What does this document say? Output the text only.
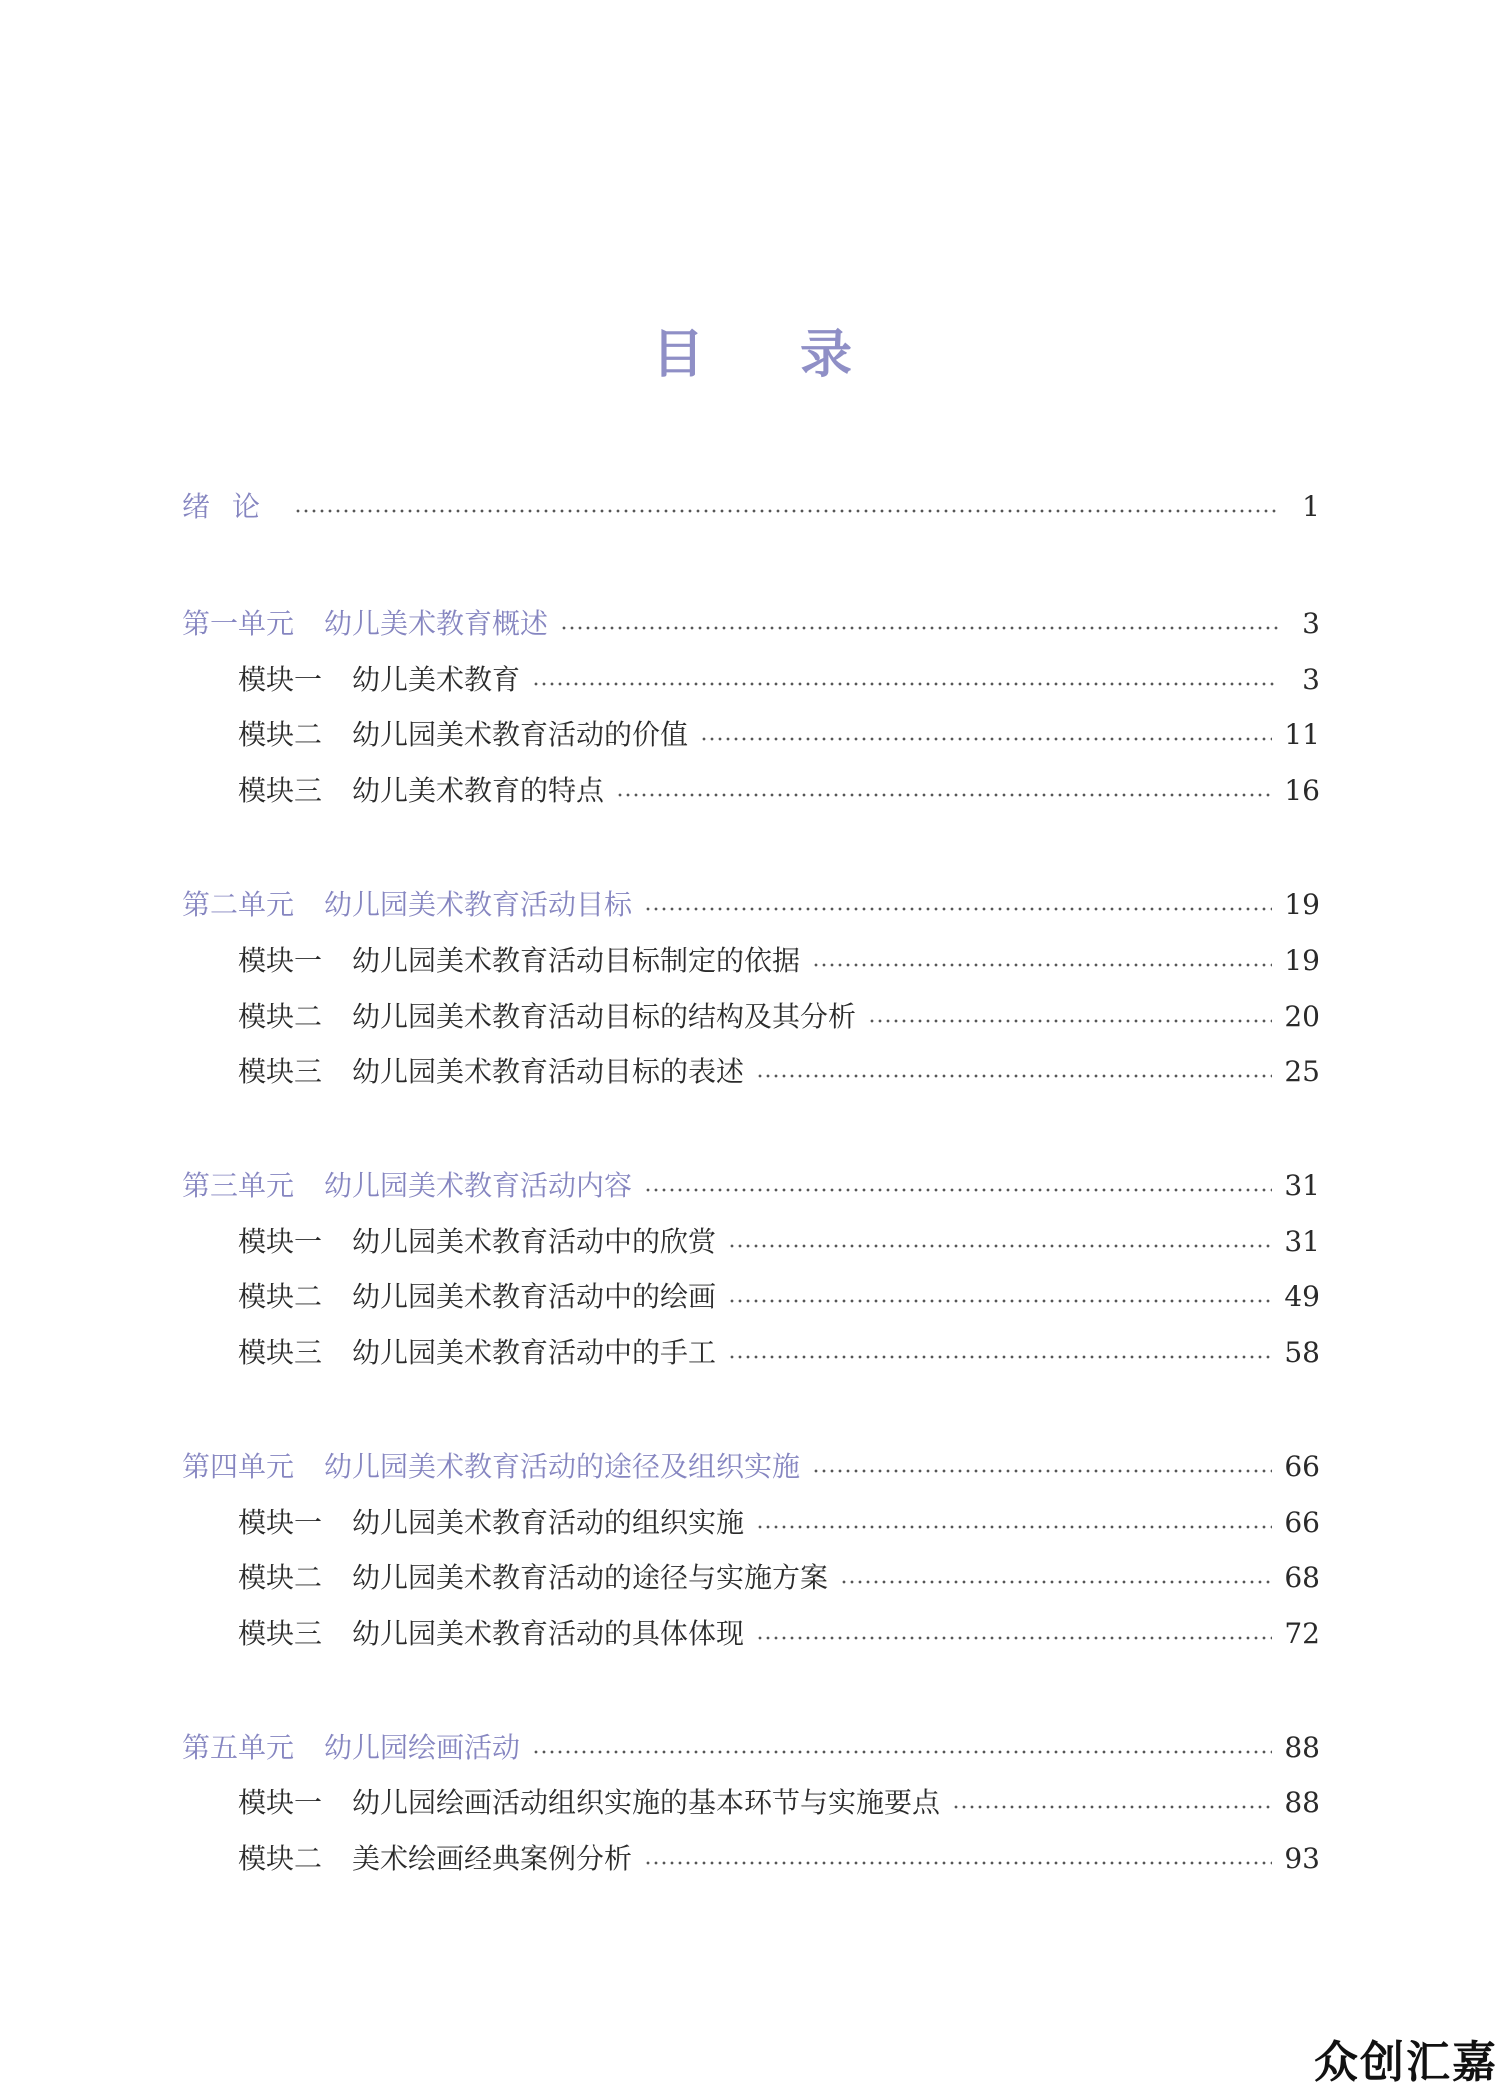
目录
绪论	1
第一单元 幼儿美术教育概述	3
模块一 幼儿美术教育	3
模块二 幼儿园美术教育活动的价值	11
模块三 幼儿美术教育的特点	16
第二单元 幼儿园美术教育活动目标	19
模块一 幼儿园美术教育活动目标制定的依据	19
模块二 幼儿园美术教育活动目标的结构及其分析	20
模块三 幼儿园美术教育活动目标的表述	25
第三单元 幼儿园美术教育活动内容	31
模块一 幼儿园美术教育活动中的欣赏	31
模块二 幼儿园美术教育活动中的绘画	49
模块三 幼儿园美术教育活动中的手工	58
第四单元 幼儿园美术教育活动的途径及组织实施	66
模块一 幼儿园美术教育活动的组织实施	66
模块二 幼儿园美术教育活动的途径与实施方案	68
模块三 幼儿园美术教育活动的具体体现	72
第五单元 幼儿园绘画活动	88
模块一 幼儿园绘画活动组织实施的基本环节与实施要点	88
模块二 美术绘画经典案例分析	93
众创汇嘉
